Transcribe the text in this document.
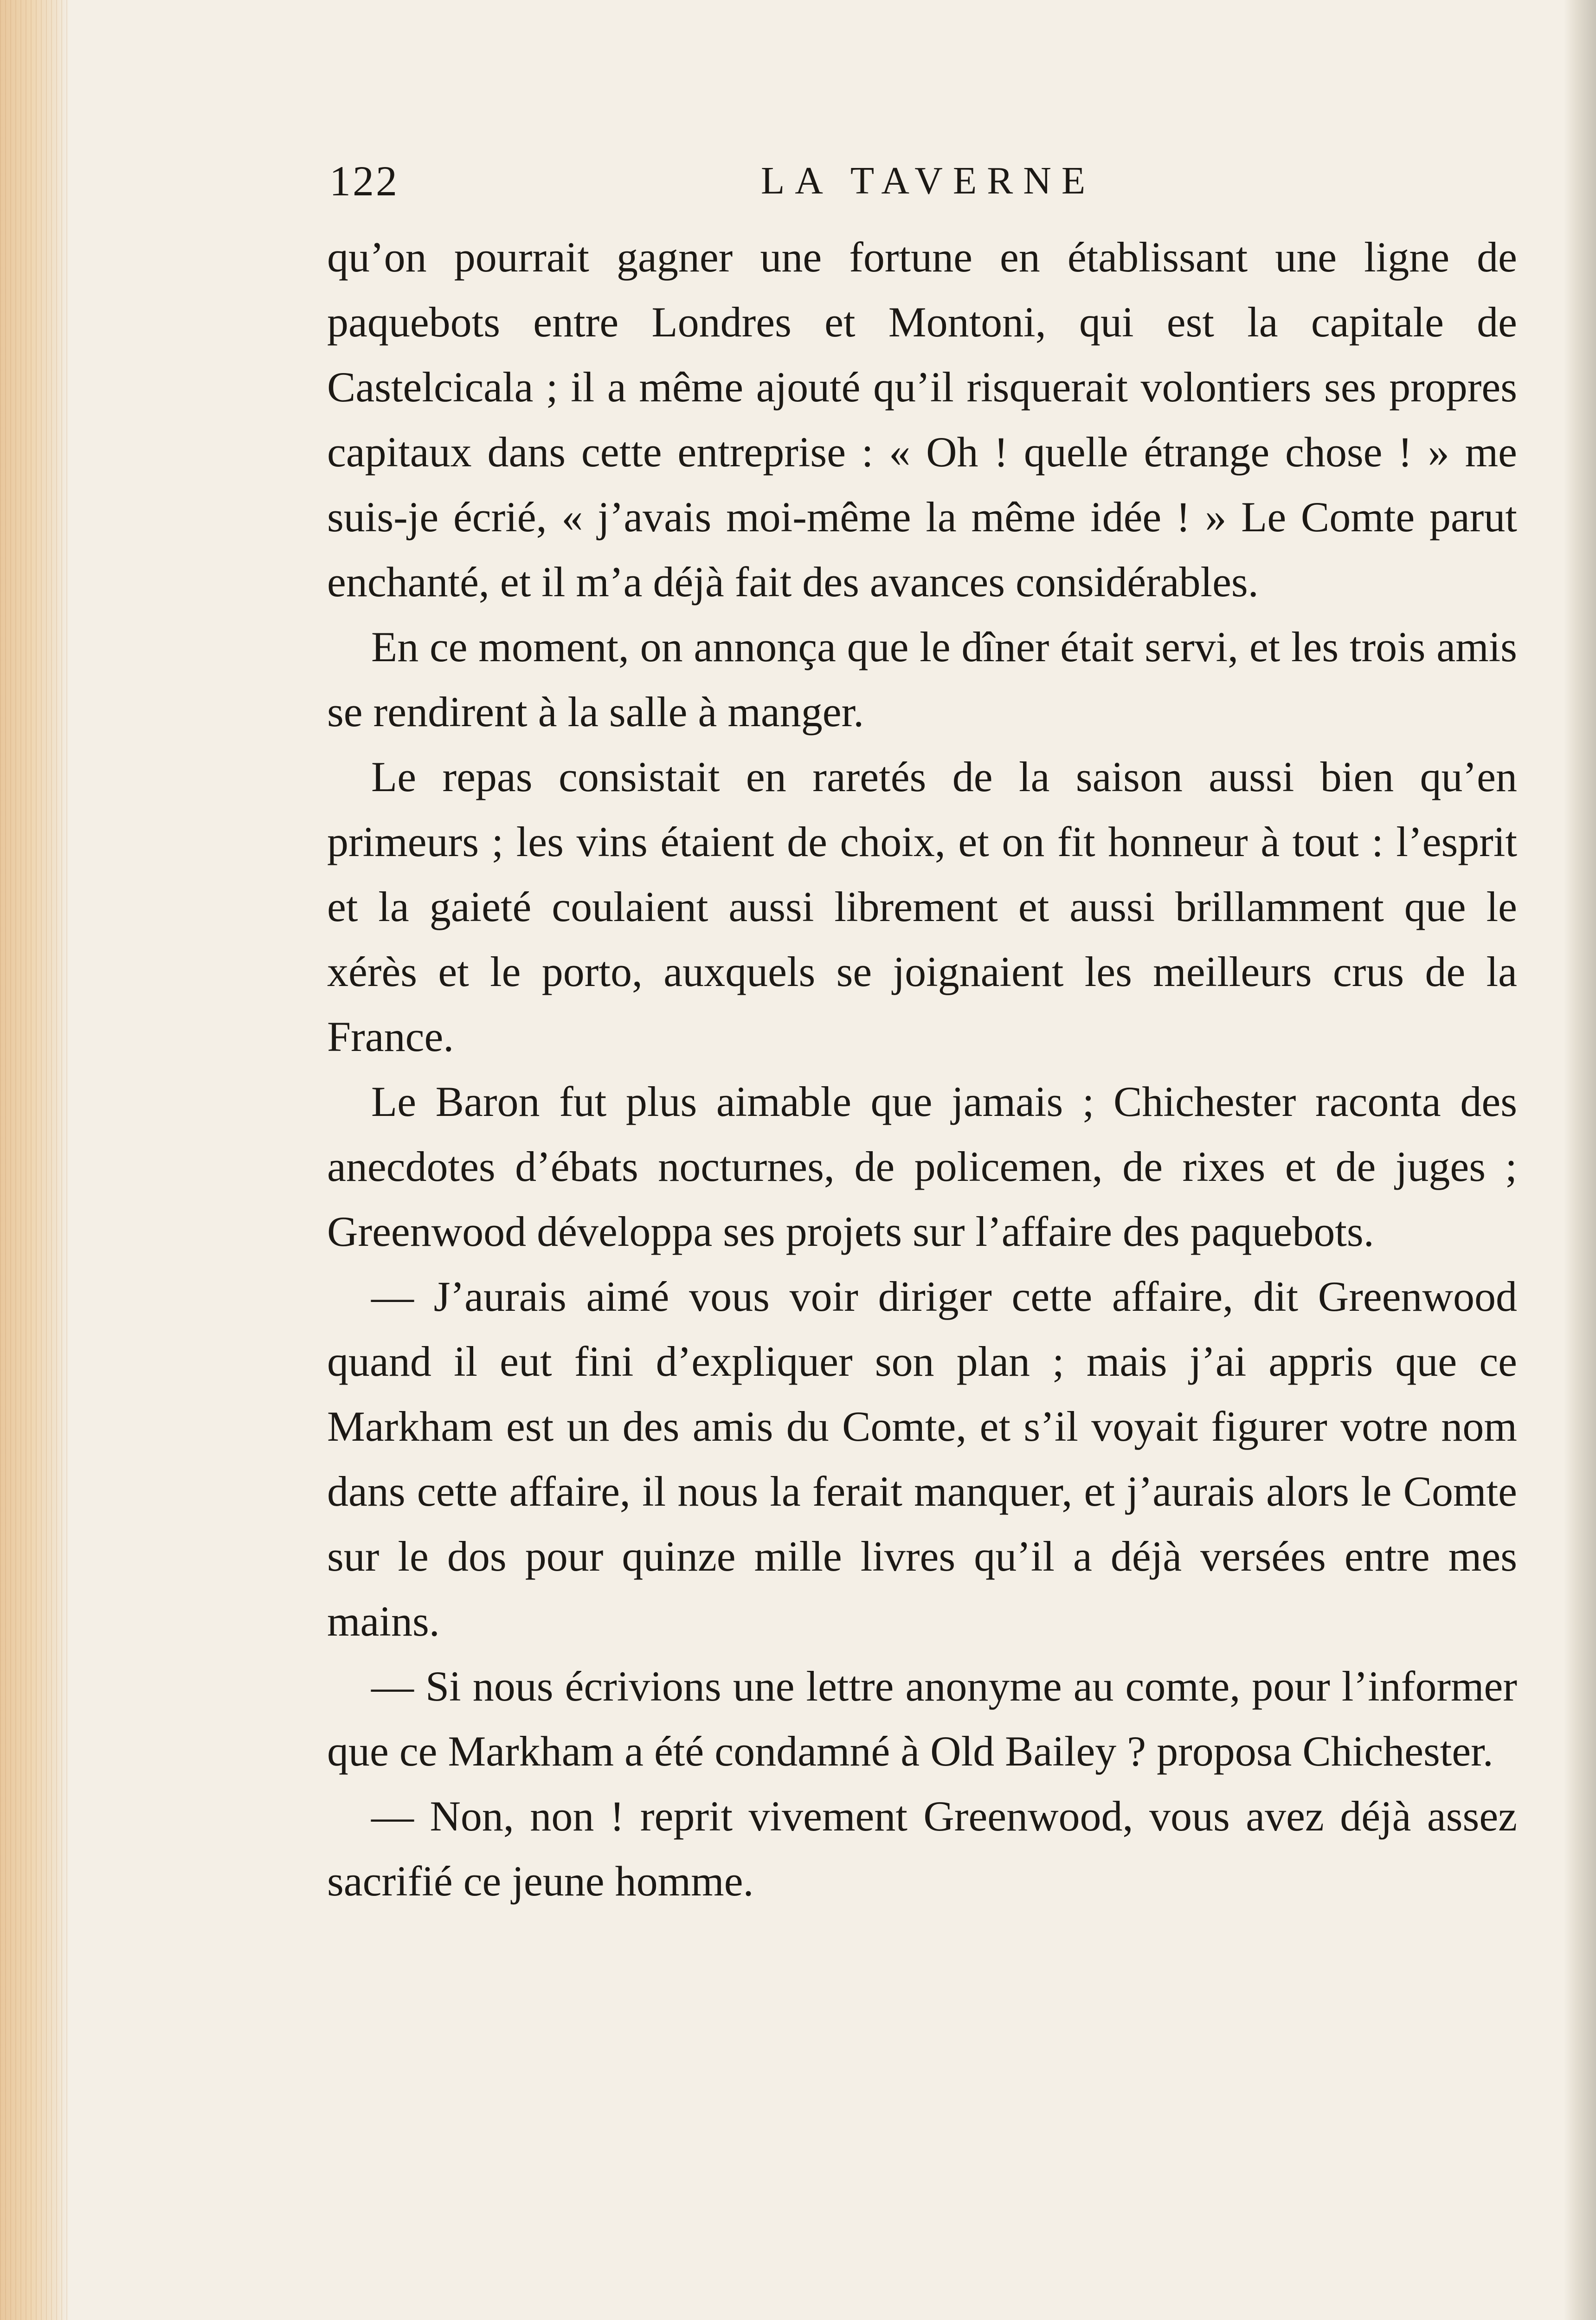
122	LA TAVERNE

qu’on pourrait gagner une fortune en établissant une ligne de paquebots entre Londres et Montoni, qui est la capitale de Castelcicala ; il a même ajouté qu’il risquerait volontiers ses propres capitaux dans cette entreprise : « Oh ! quelle étrange chose ! » me suis-je écrié, « j’avais moi-même la même idée ! » Le Comte parut enchanté, et il m’a déjà fait des avances considérables.

En ce moment, on annonça que le dîner était servi, et les trois amis se rendirent à la salle à manger.

Le repas consistait en raretés de la saison aussi bien qu’en primeurs ; les vins étaient de choix, et on fit honneur à tout : l’esprit et la gaieté coulaient aussi librement et aussi brillamment que le xérès et le porto, auxquels se joignaient les meilleurs crus de la France.

Le Baron fut plus aimable que jamais ; Chichester raconta des anecdotes d’ébats nocturnes, de policemen, de rixes et de juges ; Greenwood développa ses projets sur l’affaire des paquebots.

— J’aurais aimé vous voir diriger cette affaire, dit Greenwood quand il eut fini d’expliquer son plan ; mais j’ai appris que ce Markham est un des amis du Comte, et s’il voyait figurer votre nom dans cette affaire, il nous la ferait manquer, et j’aurais alors le Comte sur le dos pour quinze mille livres qu’il a déjà versées entre mes mains.

— Si nous écrivions une lettre anonyme au comte, pour l’informer que ce Markham a été condamné à Old Bailey ? proposa Chichester.

— Non, non ! reprit vivement Greenwood, vous avez déjà assez sacrifié ce jeune homme.
